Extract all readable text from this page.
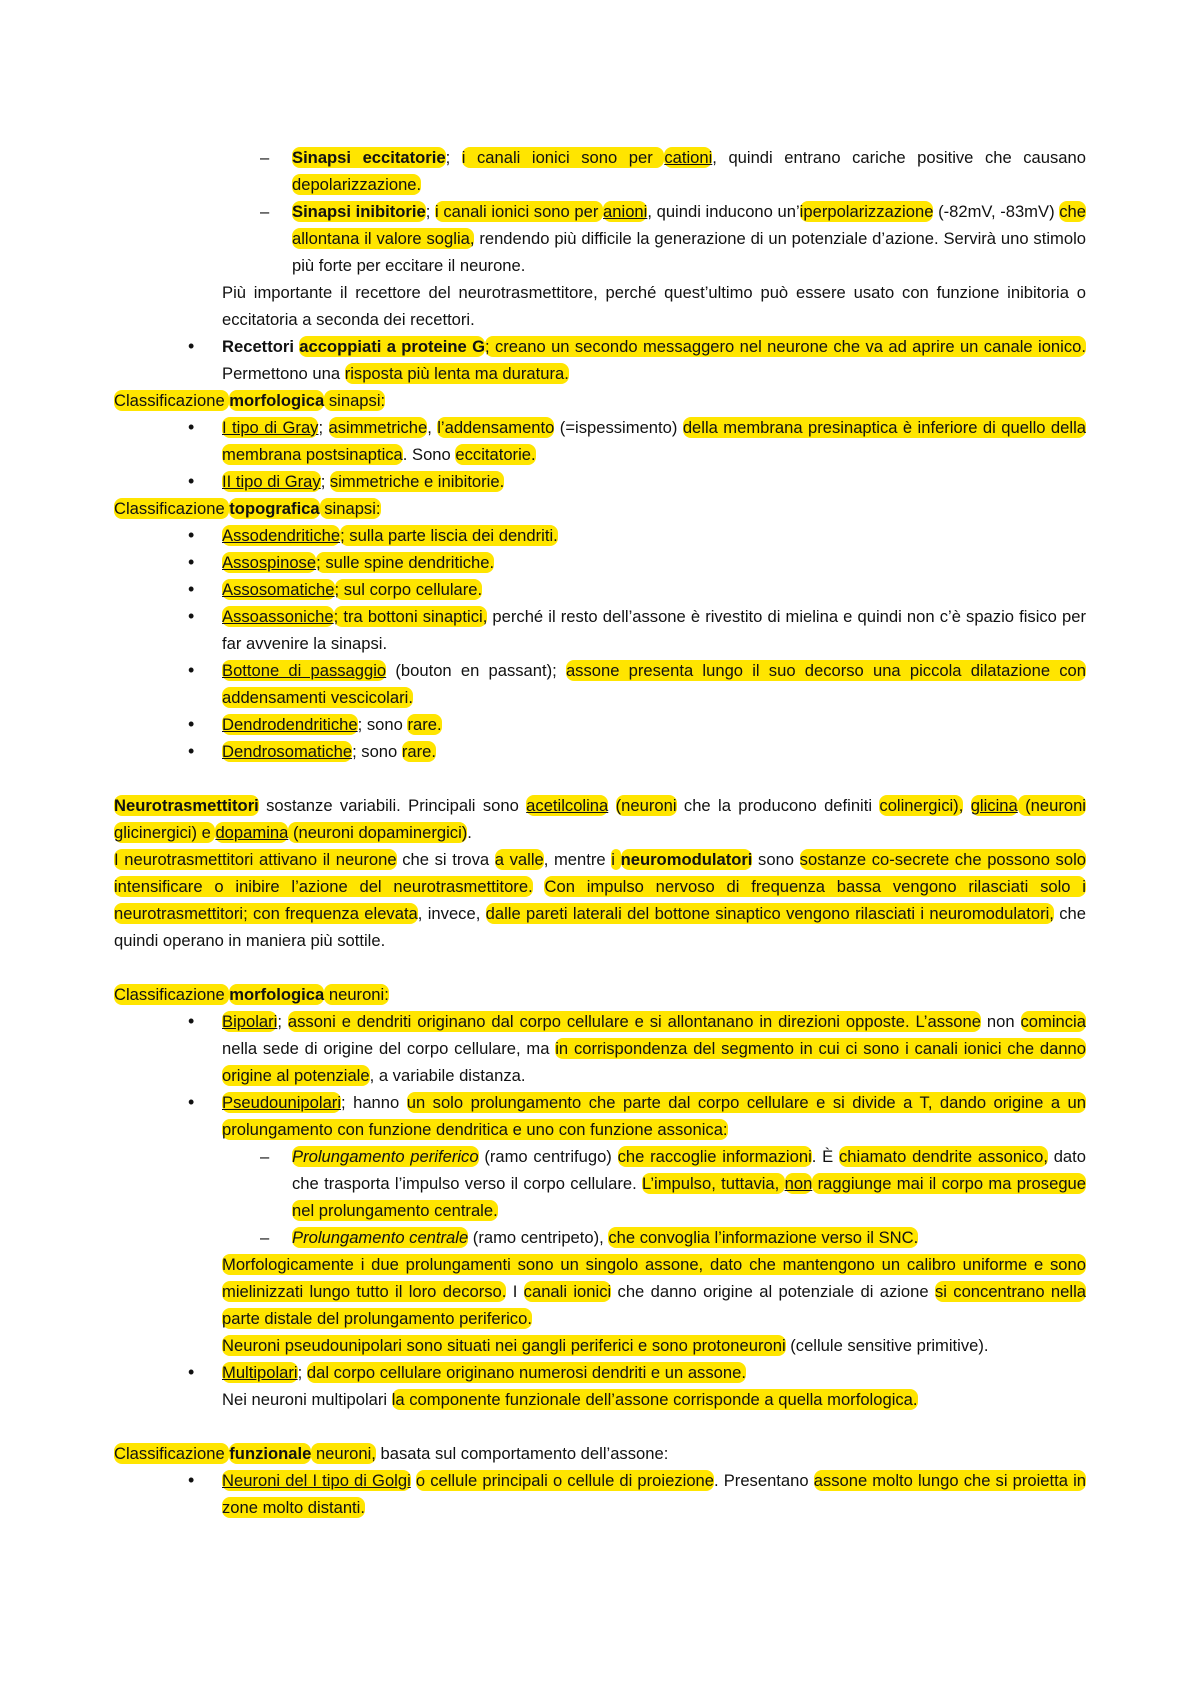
– Sinapsi eccitatorie; i canali ionici sono per cationi, quindi entrano cariche positive che causano depolarizzazione.
– Sinapsi inibitorie; i canali ionici sono per anioni, quindi inducono un’iperpolarizzazione (-82mV, -83mV) che allontana il valore soglia, rendendo più difficile la generazione di un potenziale d’azione. Servirà uno stimolo più forte per eccitare il neurone.
Più importante il recettore del neurotrasmettitore, perché quest’ultimo può essere usato con funzione inibitoria o eccitatoria a seconda dei recettori.
• Recettori accoppiati a proteine G; creano un secondo messaggero nel neurone che va ad aprire un canale ionico. Permettono una risposta più lenta ma duratura.
Classificazione morfologica sinapsi:
• I tipo di Gray; asimmetriche, l’addensamento (=ispessimento) della membrana presinaptica è inferiore di quello della membrana postsinaptica. Sono eccitatorie.
• II tipo di Gray; simmetriche e inibitorie.
Classificazione topografica sinapsi:
• Assodendritiche; sulla parte liscia dei dendriti.
• Assospinose; sulle spine dendritiche.
• Assosomatiche; sul corpo cellulare.
• Assoassoniche; tra bottoni sinaptici, perché il resto dell’assone è rivestito di mielina e quindi non c’è spazio fisico per far avvenire la sinapsi.
• Bottone di passaggio (bouton en passant); assone presenta lungo il suo decorso una piccola dilatazione con addensamenti vescicolari.
• Dendrodendritiche; sono rare.
• Dendrosomatiche; sono rare.
Neurotrasmettitori sostanze variabili. Principali sono acetilcolina (neuroni che la producono definiti colinergici), glicina (neuroni glicinergici) e dopamina (neuroni dopaminergici).
I neurotrasmettitori attivano il neurone che si trova a valle, mentre i neuromodulatori sono sostanze co-secrete che possono solo intensificare o inibire l’azione del neurotrasmettitore. Con impulso nervoso di frequenza bassa vengono rilasciati solo i neurotrasmettitori; con frequenza elevata, invece, dalle pareti laterali del bottone sinaptico vengono rilasciati i neuromodulatori, che quindi operano in maniera più sottile.
Classificazione morfologica neuroni:
• Bipolari; assoni e dendriti originano dal corpo cellulare e si allontanano in direzioni opposte. L’assone non comincia nella sede di origine del corpo cellulare, ma in corrispondenza del segmento in cui ci sono i canali ionici che danno origine al potenziale, a variabile distanza.
• Pseudounipolari; hanno un solo prolungamento che parte dal corpo cellulare e si divide a T, dando origine a un prolungamento con funzione dendritica e uno con funzione assonica:
– Prolungamento periferico (ramo centrifugo) che raccoglie informazioni. È chiamato dendrite assonico, dato che trasporta l’impulso verso il corpo cellulare. L’impulso, tuttavia, non raggiunge mai il corpo ma prosegue nel prolungamento centrale.
– Prolungamento centrale (ramo centripeto), che convoglia l’informazione verso il SNC.
Morfologicamente i due prolungamenti sono un singolo assone, dato che mantengono un calibro uniforme e sono mielinizzati lungo tutto il loro decorso. I canali ionici che danno origine al potenziale di azione si concentrano nella parte distale del prolungamento periferico.
Neuroni pseudounipolari sono situati nei gangli periferici e sono protoneuroni (cellule sensitive primitive).
• Multipolari; dal corpo cellulare originano numerosi dendriti e un assone.
Nei neuroni multipolari la componente funzionale dell’assone corrisponde a quella morfologica.
Classificazione funzionale neuroni, basata sul comportamento dell’assone:
• Neuroni del I tipo di Golgi o cellule principali o cellule di proiezione. Presentano assone molto lungo che si proietta in zone molto distanti.
